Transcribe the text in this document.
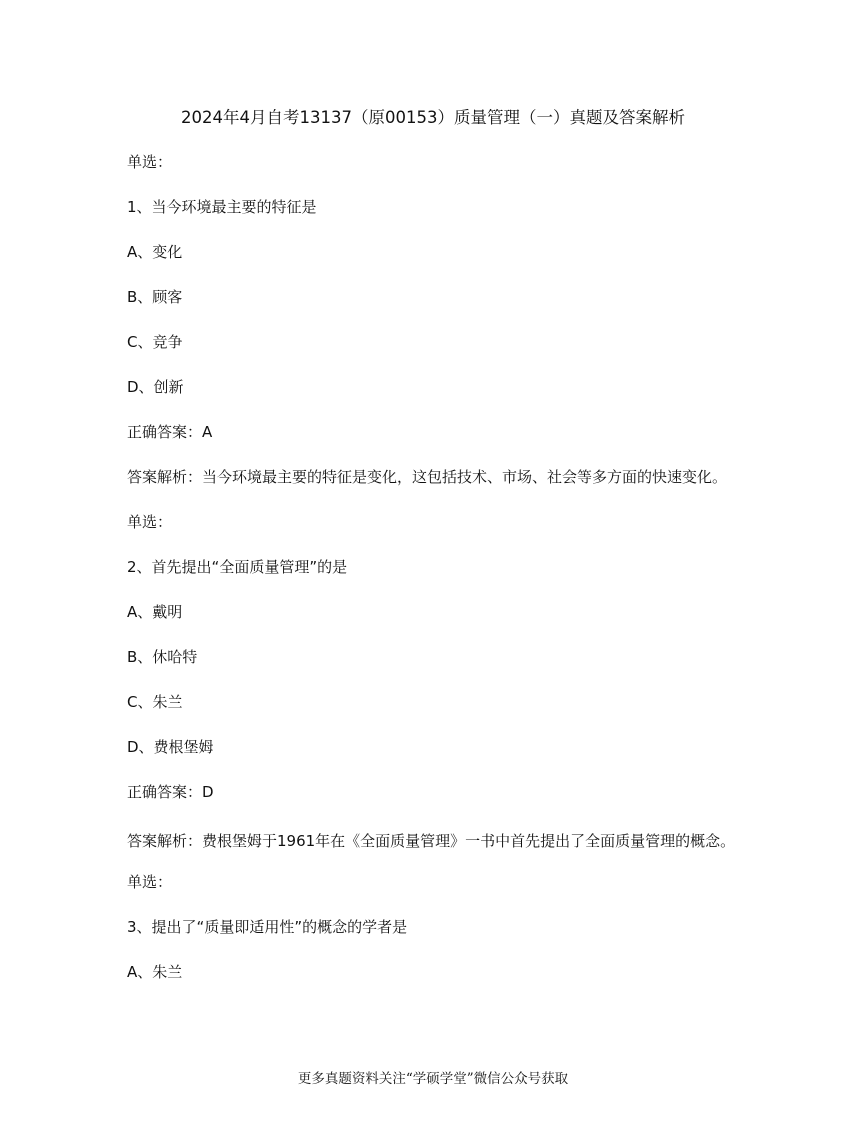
2024年4月自考13137（原00153）质量管理（一）真题及答案解析
单选：
1、当今环境最主要的特征是
A、变化
B、顾客
C、竞争
D、创新
正确答案：A
答案解析：当今环境最主要的特征是变化，这包括技术、市场、社会等多方面的快速变化。
单选：
2、首先提出“全面质量管理”的是
A、戴明
B、休哈特
C、朱兰
D、费根堡姆
正确答案：D
答案解析：费根堡姆于1961年在《全面质量管理》一书中首先提出了全面质量管理的概念。
单选：
3、提出了“质量即适用性”的概念的学者是
A、朱兰
更多真题资料关注“学硕学堂”微信公众号获取
